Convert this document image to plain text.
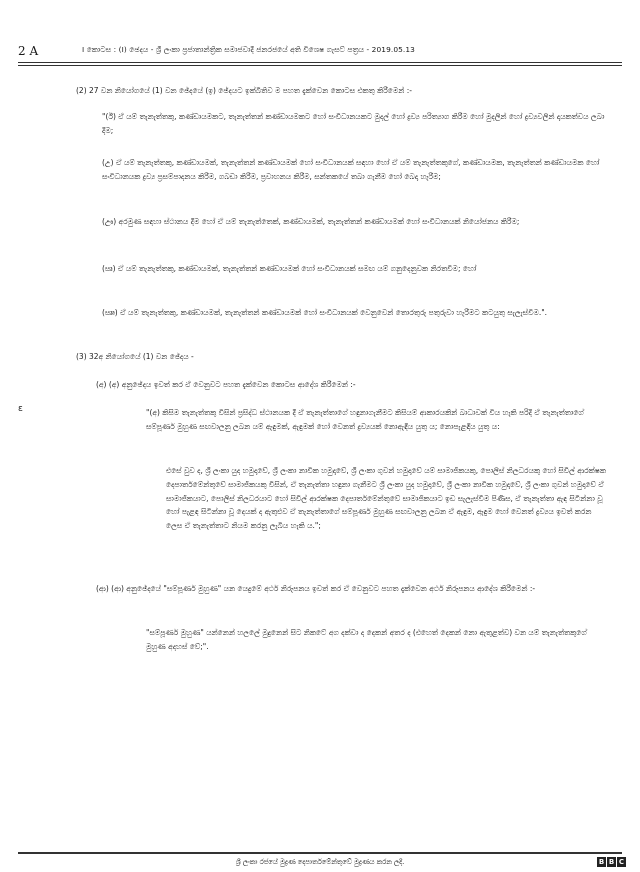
2 A	I කොටස : (I) ඡෙදය - ශ්‍රී ලංකා ප්‍රජාතාන්ත්‍රික සමාජවාදී ජනරජයේ අති විශෙෂ ගැසට් පත්‍රය - 2019.05.13
(2) 27 වන නියෝගයේ (1) වන ඡේදයේ (ඉ) ඡේදයට ඉක්බිතිව ම පහත දැක්වෙන කොටස එකතු කිරීමෙන් :-
"(ඊ) ඒ යම් තැනැත්තකු, කණ්ඩායමකට, තැනැත්තන් කණ්ඩායමකට හෝ සංවිධානයකට මුදල් හෝ ද්‍රව්‍ය පරිත්‍යාග කිරීම හෝ මුදලින් හෝ ද්‍රව්‍යවලින් දායකත්වය ලබා දීම;
(උ) ඒ යම් තැනැත්තකු, කණ්ඩායමක්, තැනැත්තන් කණ්ඩායමක් හෝ සංවිධානයක් සඳහා හෝ ඒ යම් තැනැත්තකුගේ, කණ්ඩායමක, තැනැත්තන් කණ්ඩායමක හෝ සංවිධානයක ද්‍රව්‍ය ප්‍රසම්පාදනය කිරීම, ගබඩා කිරීම, ප්‍රවාහනය කිරීම, සන්තකයේ තබා ගැනීම හෝ බෙදා හැරීම;
(ඌ) අරමුණ සඳහා ස්ථානය දීම හෝ ඒ යම් තැනැත්තෙක්, කණ්ඩායමක්, තැනැත්තන් කණ්ඩායමක් හෝ සංවිධානයක් නියෝජනය කිරීම;
(ඍ) ඒ යම් තැනැත්තකු, කණ්ඩායමක්, තැනැත්තන් කණ්ඩායමක් හෝ සංවිධානයක් සමඟ යම් ගනුදෙනුවක නිරතවීම; හෝ
(ඎ) ඒ යම් තැනැත්තකු, කණ්ඩායමක්, තැනැත්තන් කණ්ඩායමක් හෝ සංවිධානයක් වෙනුවෙන් තොරතුරු පතුරුවා හැරීමට කටයුතු සැලැස්වීම.".
(3) 32අ නියෝගයේ (1) වන ඡේදය -
(අ) (අ) අනුඡේදය ඉවත් කර ඒ වෙනුවට පහත දැක්වෙන කොටස ආදේශ කිරීමෙන් :-
ε	"(අ) කිසිම තැනැත්තකු විසින් ප්‍රසිද්ධ ස්ථානයක දී ඒ තැනැත්තාගේ හඳුනාගැනීමට කිසියම් ආකාරයකින් බාධාවක් විය හැකි පරිදි ඒ තැනැත්තාගේ සම්පූර්ණ මුහුණ සඟවාලනු ලබන යම් ඇඳුමක්, ඇඳුමක් හෝ වෙනත් ද්‍රව්‍යයක් නොඇඳිය යුතු ය; නොපැළඳිය යුතු ය:
එසේ වුව ද, ශ්‍රී ලංකා යුද හමුදාවේ, ශ්‍රී ලංකා නාවික හමුදාවේ, ශ්‍රී ලංකා ගුවන් හමුදාවේ යම් සාමාජිකයකු, පොලිස් නිලධරයකු හෝ සිවිල් ආරක්ෂක දෙපාර්තමේන්තුවේ සාමාජිකයකු විසින්, ඒ තැනැත්තා හඳුනා ගැනීමට ශ්‍රී ලංකා යුද හමුදාවේ, ශ්‍රී ලංකා නාවික හමුදාවේ, ශ්‍රී ලංකා ගුවන් හමුදාවේ ඒ සාමාජිකයාට, පොලිස් නිලධරයාට හෝ සිවිල් ආරක්ෂක දෙපාර්තමේන්තුවේ සාමාජිකයාට ඉඩ සැලැස්වීම පිණිස, ඒ තැනැත්තා ඇඳ සිටින්නා වූ හෝ පැළඳ සිටින්නා වූ දෙයක් ද ඇතුළුව ඒ තැනැත්තාගේ සම්පූර්ණ මුහුණ සඟවාලනු ලබන ඒ ඇඳුම, ඇඳුම හෝ වෙනත් ද්‍රව්‍යය ඉවත් කරන ලෙස ඒ තැනැත්තාට නියම කරනු ලැබිය හැකි ය.";
(ආ) (ආ) අනුඡේදයේ "සම්පූර්ණ මුහුණ" යන යෙදුමේ අර්ථ නිරූපනය ඉවත් කර ඒ වෙනුවට පහත දැක්වෙන අර්ථ නිරූපනය ආදේශ කිරීමෙන් :-
"සම්පූර්ණ මුහුණ" යන්නෙන් හලලේ මුදුනෙන් සිට නිකටේ අග දක්වා ද දෙකන් අතර ද (එහෙත් දෙකන් නො ඇතුළත්ව) වන යම් තැනැත්තකුගේ මුහුණ අදහස් වේ;".
ශ්‍රී ලංකා රජයේ මුද්‍රණ දෙපාර්තමේන්තුවේ මුද්‍රණය කරන ලදී.	B B C
